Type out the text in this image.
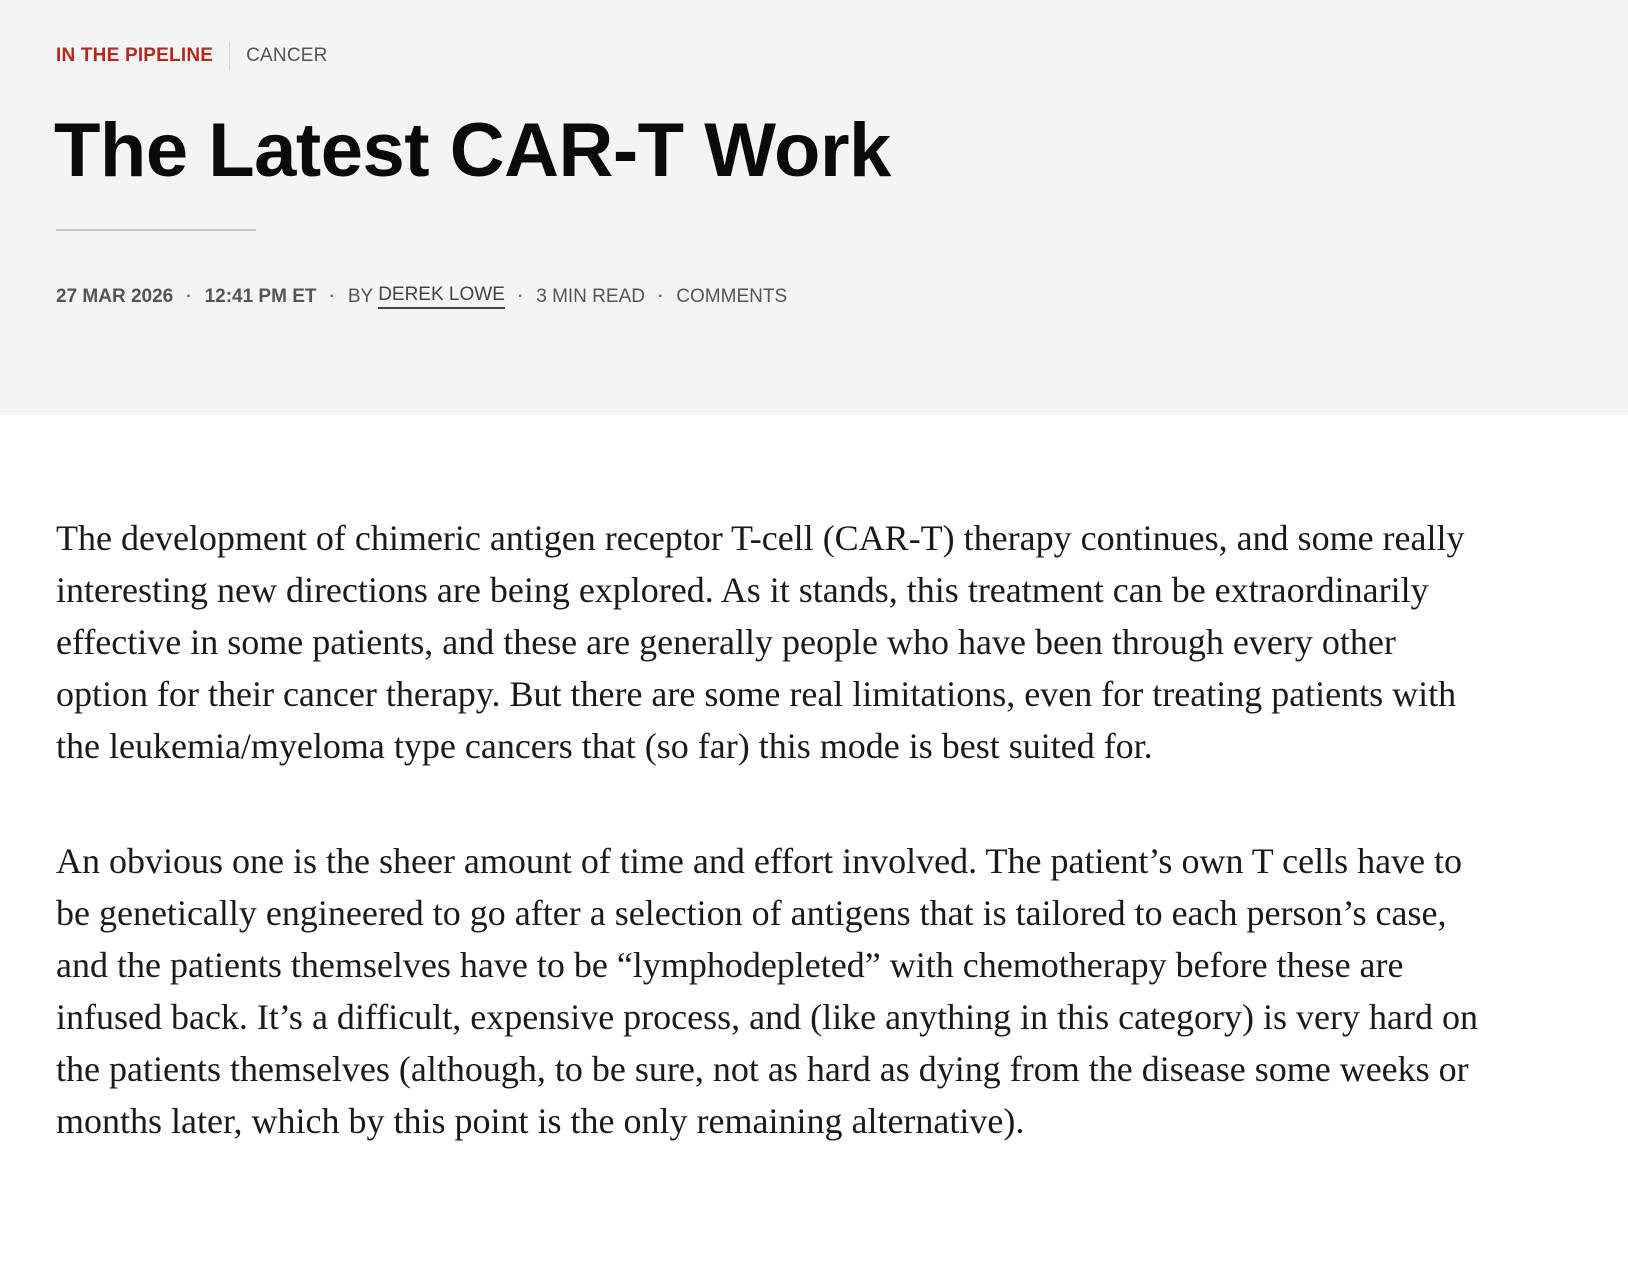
IN THE PIPELINE CANCER
The Latest CAR-T Work
27 MAR 2026 · 12:41 PM ET · BY DEREK LOWE · 3 MIN READ · COMMENTS

The development of chimeric antigen receptor T-cell (CAR-T) therapy continues, and some really interesting new directions are being explored. As it stands, this treatment can be extraordinarily effective in some patients, and these are generally people who have been through every other option for their cancer therapy. But there are some real limitations, even for treating patients with the leukemia/myeloma type cancers that (so far) this mode is best suited for.

An obvious one is the sheer amount of time and effort involved. The patient’s own T cells have to be genetically engineered to go after a selection of antigens that is tailored to each person’s case, and the patients themselves have to be “lymphodepleted” with chemotherapy before these are infused back. It’s a difficult, expensive process, and (like anything in this category) is very hard on the patients themselves (although, to be sure, not as hard as dying from the disease some weeks or months later, which by this point is the only remaining alternative).
